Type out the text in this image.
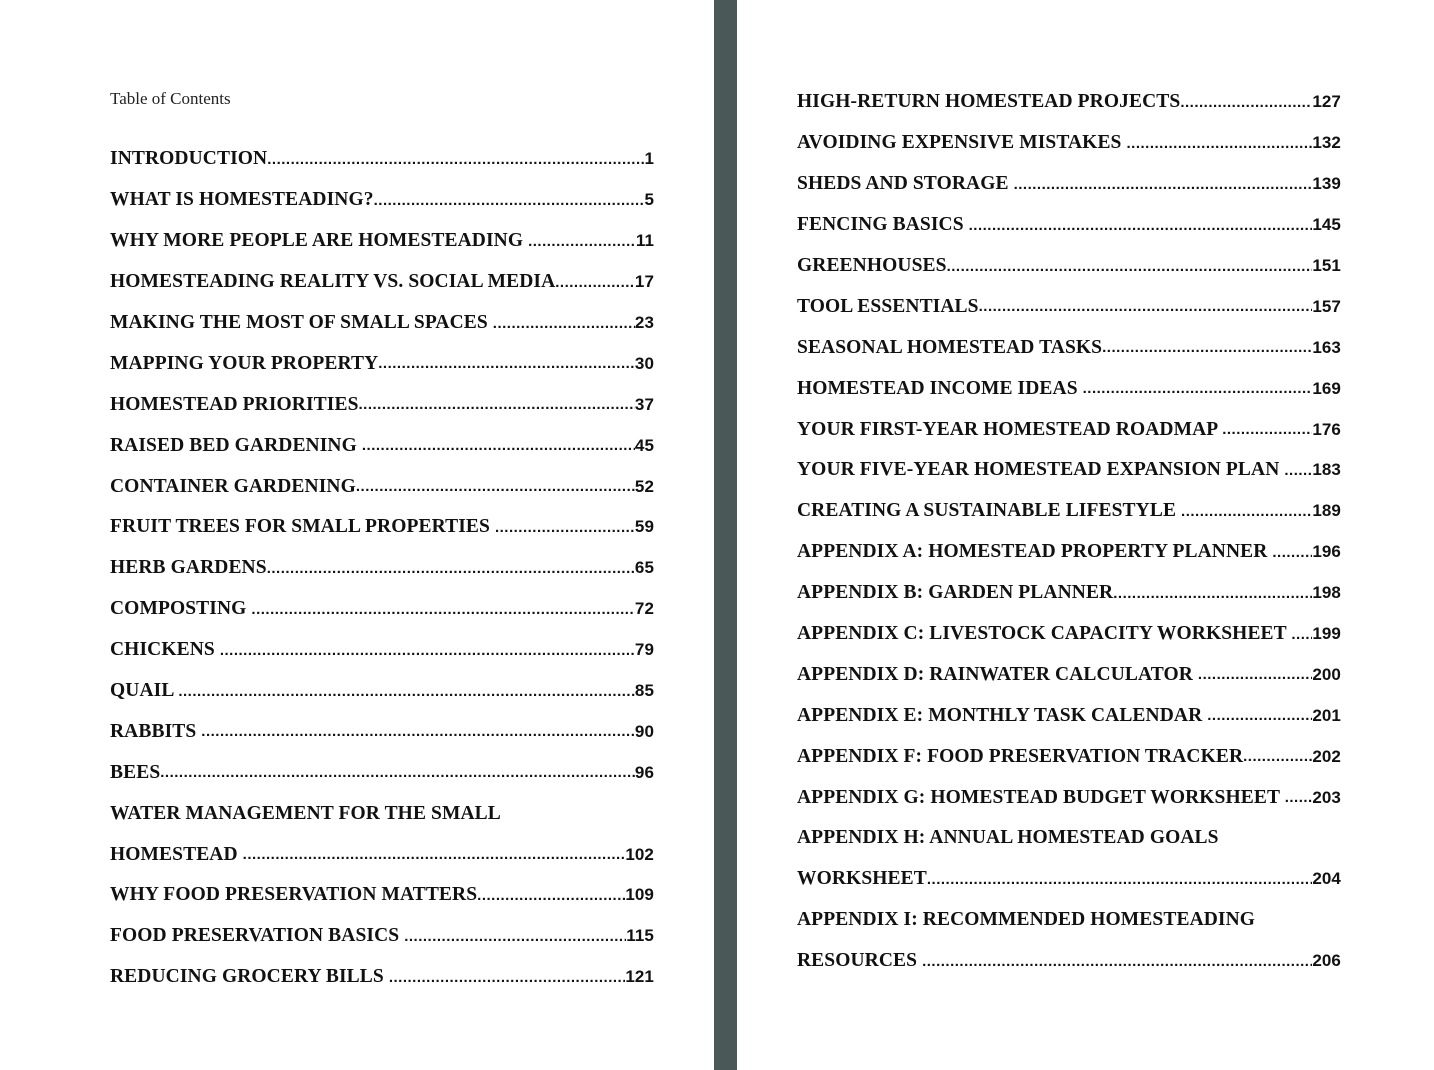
Table of Contents
INTRODUCTION .....	1
WHAT IS HOMESTEADING? .....	5
WHY MORE PEOPLE ARE HOMESTEADING .....	11
HOMESTEADING REALITY VS. SOCIAL MEDIA .....	17
MAKING THE MOST OF SMALL SPACES .....	23
MAPPING YOUR PROPERTY .....	30
HOMESTEAD PRIORITIES .....	37
RAISED BED GARDENING .....	45
CONTAINER GARDENING .....	52
FRUIT TREES FOR SMALL PROPERTIES .....	59
HERB GARDENS .....	65
COMPOSTING .....	72
CHICKENS .....	79
QUAIL .....	85
RABBITS .....	90
BEES .....	96
WATER MANAGEMENT FOR THE SMALL
HOMESTEAD .....	102
WHY FOOD PRESERVATION MATTERS .....	109
FOOD PRESERVATION BASICS .....	115
REDUCING GROCERY BILLS .....	121
HIGH-RETURN HOMESTEAD PROJECTS .....	127
AVOIDING EXPENSIVE MISTAKES .....	132
SHEDS AND STORAGE .....	139
FENCING BASICS .....	145
GREENHOUSES .....	151
TOOL ESSENTIALS .....	157
SEASONAL HOMESTEAD TASKS .....	163
HOMESTEAD INCOME IDEAS .....	169
YOUR FIRST-YEAR HOMESTEAD ROADMAP .....	176
YOUR FIVE-YEAR HOMESTEAD EXPANSION PLAN ..... 183
CREATING A SUSTAINABLE LIFESTYLE .....	189
APPENDIX A: HOMESTEAD PROPERTY PLANNER ..... 196
APPENDIX B: GARDEN PLANNER .....	198
APPENDIX C: LIVESTOCK CAPACITY WORKSHEET ..... 199
APPENDIX D: RAINWATER CALCULATOR .....	200
APPENDIX E: MONTHLY TASK CALENDAR .....	201
APPENDIX F: FOOD PRESERVATION TRACKER .....	202
APPENDIX G: HOMESTEAD BUDGET WORKSHEET ..... 203
APPENDIX H: ANNUAL HOMESTEAD GOALS
WORKSHEET .....	204
APPENDIX I: RECOMMENDED HOMESTEADING
RESOURCES .....	206
